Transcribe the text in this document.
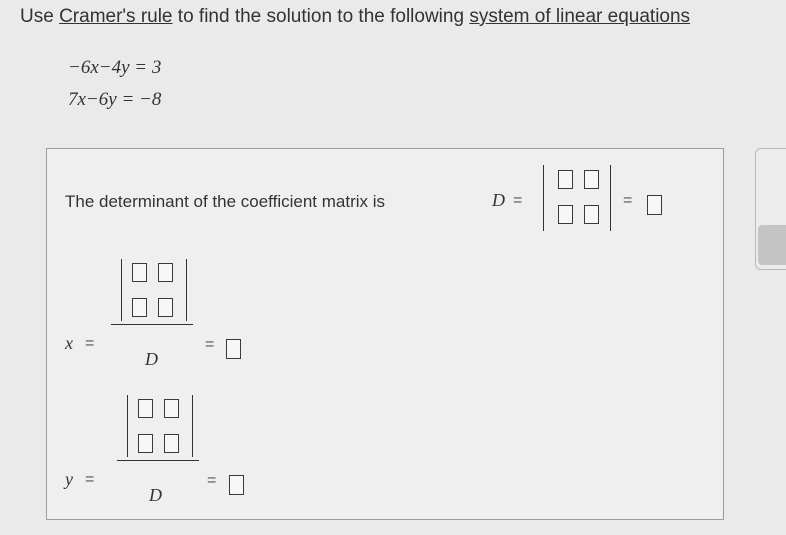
Use Cramer's rule to find the solution to the following system of linear equations
−6x−4y = 3
7x−6y = −8
The determinant of the coefficient matrix is	D =	=
x =
D
=
y =
D
=
